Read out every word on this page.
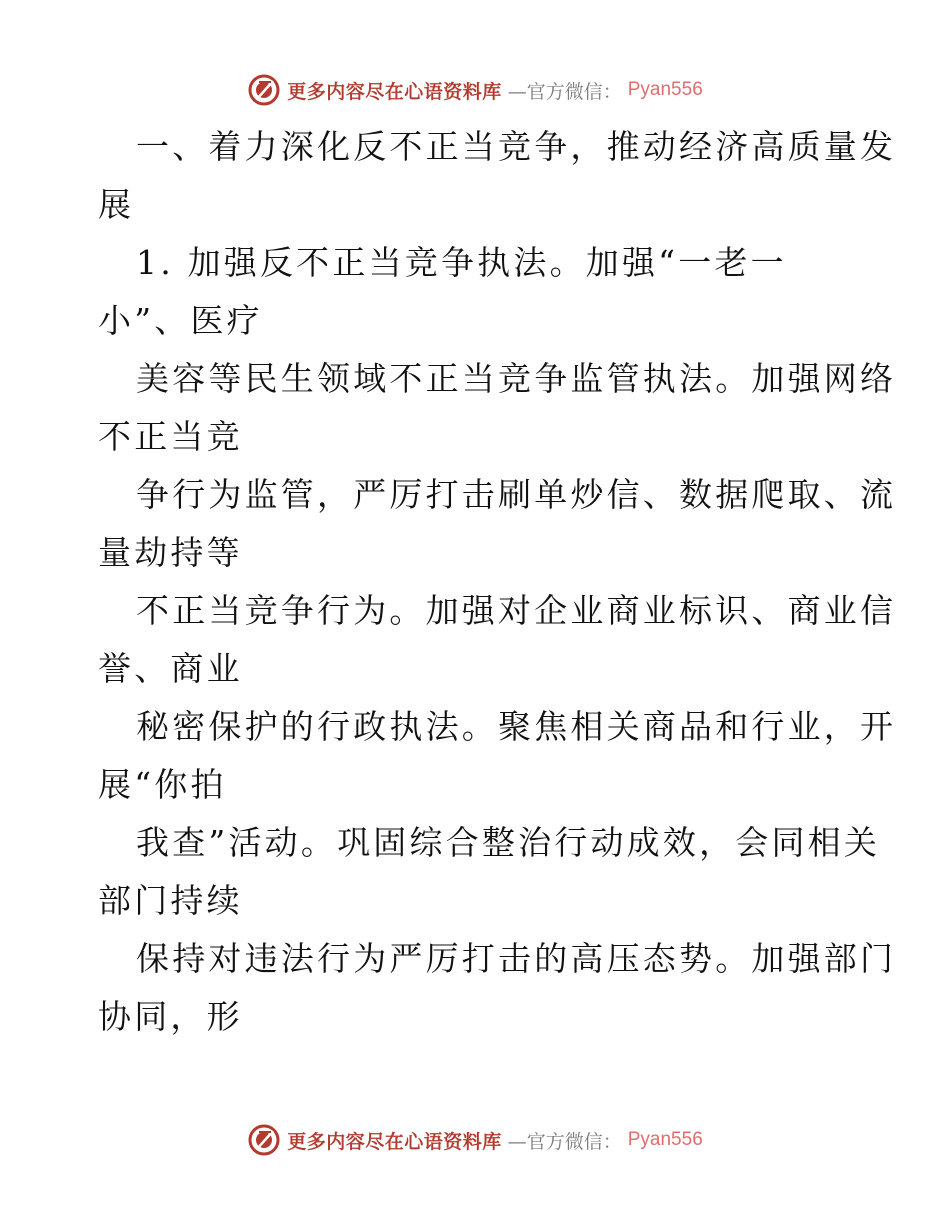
更多内容尽在心语资料库 —官方微信： Pyan556
一、着力深化反不正当竞争，推动经济高质量发
展
1. 加强反不正当竞争执法。加强“一老一
小”、医疗
美容等民生领域不正当竞争监管执法。加强网络
不正当竞
争行为监管，严厉打击刷单炒信、数据爬取、流
量劫持等
不正当竞争行为。加强对企业商业标识、商业信
誉、商业
秘密保护的行政执法。聚焦相关商品和行业，开
展“你拍
我查”活动。巩固综合整治行动成效，会同相关
部门持续
保持对违法行为严厉打击的高压态势。加强部门
协同，形
更多内容尽在心语资料库 —官方微信： Pyan556
